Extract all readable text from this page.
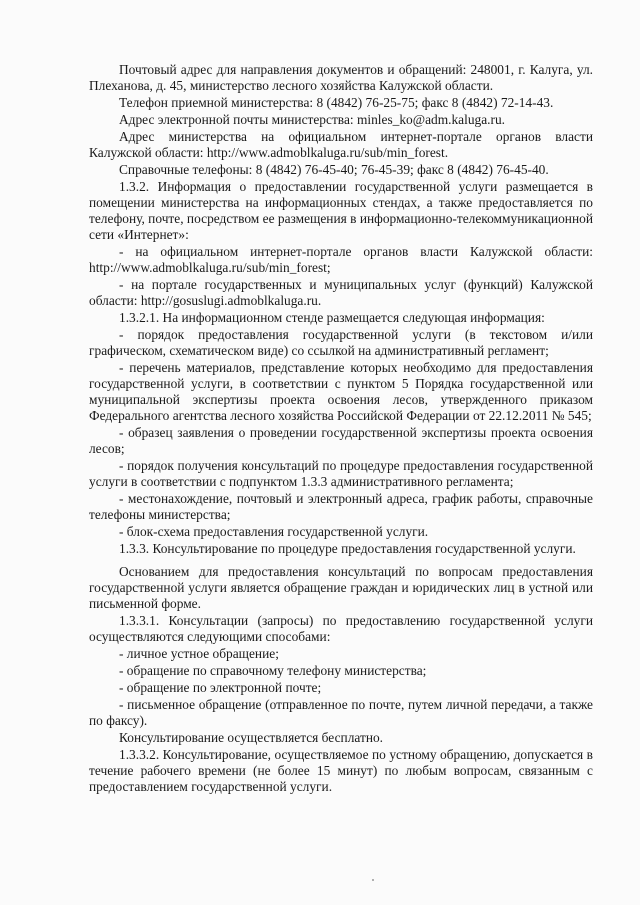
Почтовый адрес для направления документов и обращений: 248001, г. Калуга, ул. Плеханова, д. 45, министерство лесного хозяйства Калужской области.

Телефон приемной министерства: 8 (4842) 76-25-75; факс 8 (4842) 72-14-43.

Адрес электронной почты министерства: minles_ko@adm.kaluga.ru.

Адрес министерства на официальном интернет-портале органов власти Калужской области: http://www.admoblkaluga.ru/sub/min_forest.

Справочные телефоны: 8 (4842) 76-45-40; 76-45-39; факс 8 (4842) 76-45-40.

1.3.2. Информация о предоставлении государственной услуги размещается в помещении министерства на информационных стендах, а также предоставляется по телефону, почте, посредством ее размещения в информационно-телекоммуникационной сети «Интернет»:

- на официальном интернет-портале органов власти Калужской области: http://www.admoblkaluga.ru/sub/min_forest;

- на портале государственных и муниципальных услуг (функций) Калужской области: http://gosuslugi.admoblkaluga.ru.

1.3.2.1. На информационном стенде размещается следующая информация:

- порядок предоставления государственной услуги (в текстовом и/или графическом, схематическом виде) со ссылкой на административный регламент;

- перечень материалов, представление которых необходимо для предоставления государственной услуги, в соответствии с пунктом 5 Порядка государственной или муниципальной экспертизы проекта освоения лесов, утвержденного приказом Федерального агентства лесного хозяйства Российской Федерации от 22.12.2011 № 545;

- образец заявления о проведении государственной экспертизы проекта освоения лесов;

- порядок получения консультаций по процедуре предоставления государственной услуги в соответствии с подпунктом 1.3.3 административного регламента;

- местонахождение, почтовый и электронный адреса, график работы, справочные телефоны министерства;

- блок-схема предоставления государственной услуги.

1.3.3. Консультирование по процедуре предоставления государственной услуги.

Основанием для предоставления консультаций по вопросам предоставления государственной услуги является обращение граждан и юридических лиц в устной или письменной форме.

1.3.3.1. Консультации (запросы) по предоставлению государственной услуги осуществляются следующими способами:

- личное устное обращение;

- обращение по справочному телефону министерства;

- обращение по электронной почте;

- письменное обращение (отправленное по почте, путем личной передачи, а также по факсу).

Консультирование осуществляется бесплатно.

1.3.3.2. Консультирование, осуществляемое по устному обращению, допускается в течение рабочего времени (не более 15 минут) по любым вопросам, связанным с предоставлением государственной услуги.
